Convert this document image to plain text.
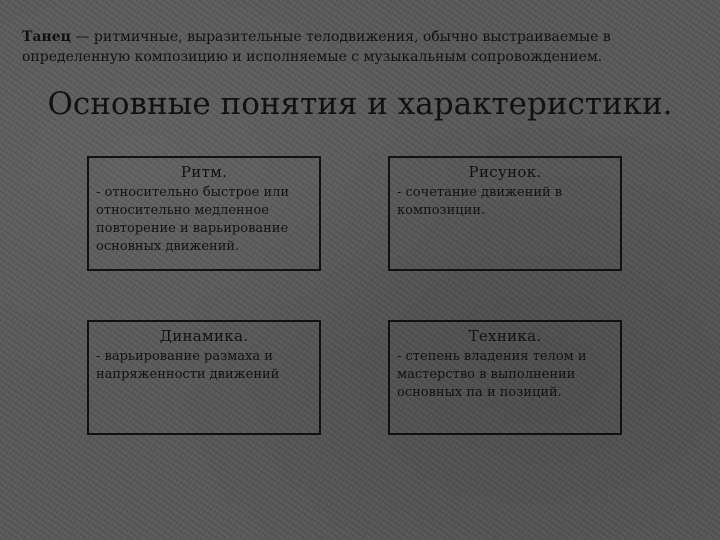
Танец — ритмичные, выразительные телодвижения, обычно выстраиваемые в определенную композицию и исполняемые с музыкальным сопровождением.

Основные понятия и характеристики.

Ритм.

- относительно быстрое или относительно медленное повторение и варьирование основных движений.

Рисунок.

- сочетание движений в композиции.

Динамика.

- варьирование размаха и напряженности движений

Техника.

- степень владения телом и мастерство в выполнении основных па и позиций.
